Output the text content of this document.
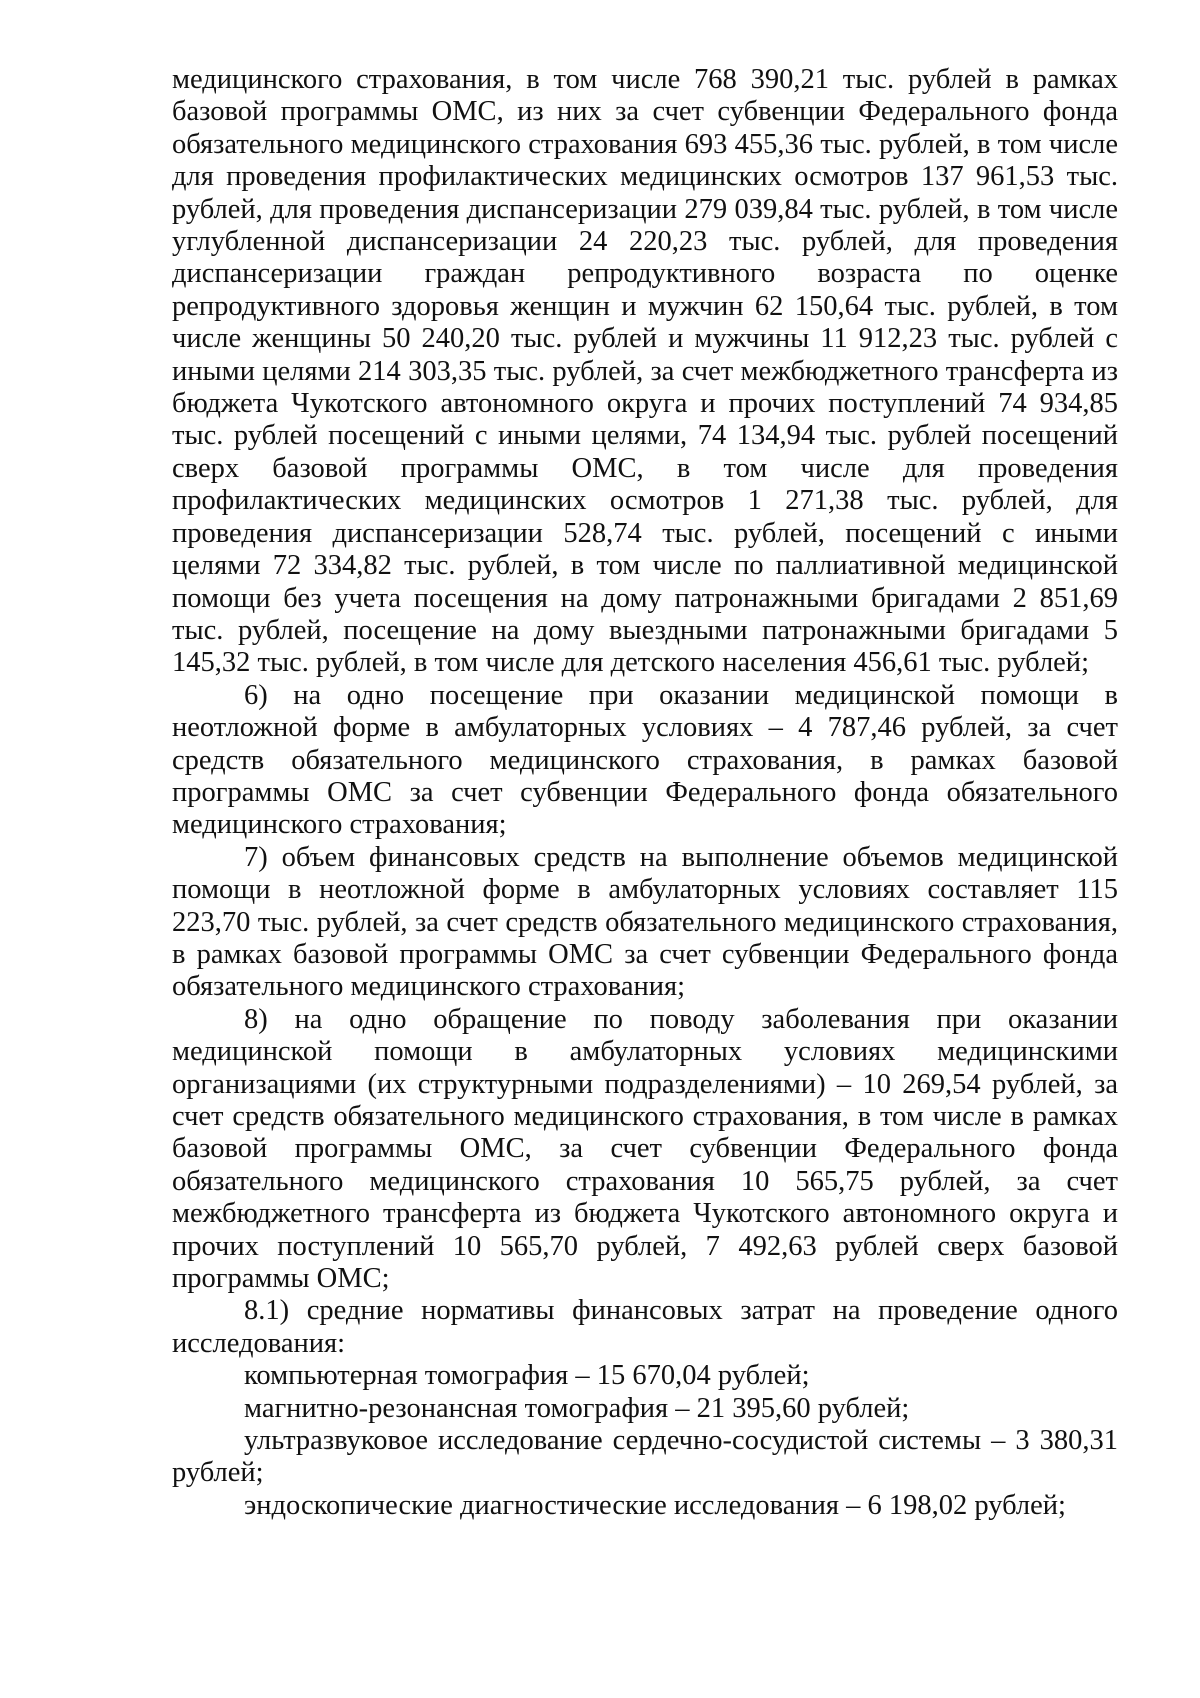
медицинского страхования, в том числе 768 390,21 тыс. рублей в рамках базовой программы ОМС, из них за счет субвенции Федерального фонда обязательного медицинского страхования 693 455,36 тыс. рублей, в том числе для проведения профилактических медицинских осмотров 137 961,53 тыс. рублей, для проведения диспансеризации 279 039,84 тыс. рублей, в том числе углубленной диспансеризации 24 220,23 тыс. рублей, для проведения диспансеризации граждан репродуктивного возраста по оценке репродуктивного здоровья женщин и мужчин 62 150,64 тыс. рублей, в том числе женщины 50 240,20 тыс. рублей и мужчины 11 912,23 тыс. рублей с иными целями 214 303,35 тыс. рублей, за счет межбюджетного трансферта из бюджета Чукотского автономного округа и прочих поступлений 74 934,85 тыс. рублей посещений с иными целями, 74 134,94 тыс. рублей посещений сверх базовой программы ОМС, в том числе для проведения профилактических медицинских осмотров 1 271,38 тыс. рублей, для проведения диспансеризации 528,74 тыс. рублей, посещений с иными целями 72 334,82 тыс. рублей, в том числе по паллиативной медицинской помощи без учета посещения на дому патронажными бригадами 2 851,69 тыс. рублей, посещение на дому выездными патронажными бригадами 5 145,32 тыс. рублей, в том числе для детского населения 456,61 тыс. рублей;

6) на одно посещение при оказании медицинской помощи в неотложной форме в амбулаторных условиях – 4 787,46 рублей, за счет средств обязательного медицинского страхования, в рамках базовой программы ОМС за счет субвенции Федерального фонда обязательного медицинского страхования;

7) объем финансовых средств на выполнение объемов медицинской помощи в неотложной форме в амбулаторных условиях составляет 115 223,70 тыс. рублей, за счет средств обязательного медицинского страхования, в рамках базовой программы ОМС за счет субвенции Федерального фонда обязательного медицинского страхования;

8) на одно обращение по поводу заболевания при оказании медицинской помощи в амбулаторных условиях медицинскими организациями (их структурными подразделениями) – 10 269,54 рублей, за счет средств обязательного медицинского страхования, в том числе в рамках базовой программы ОМС, за счет субвенции Федерального фонда обязательного медицинского страхования 10 565,75 рублей, за счет межбюджетного трансферта из бюджета Чукотского автономного округа и прочих поступлений 10 565,70 рублей, 7 492,63 рублей сверх базовой программы ОМС;

8.1) средние нормативы финансовых затрат на проведение одного исследования:

компьютерная томография – 15 670,04 рублей;

магнитно-резонансная томография – 21 395,60 рублей;

ультразвуковое исследование сердечно-сосудистой системы – 3 380,31 рублей;

эндоскопические диагностические исследования – 6 198,02 рублей;
